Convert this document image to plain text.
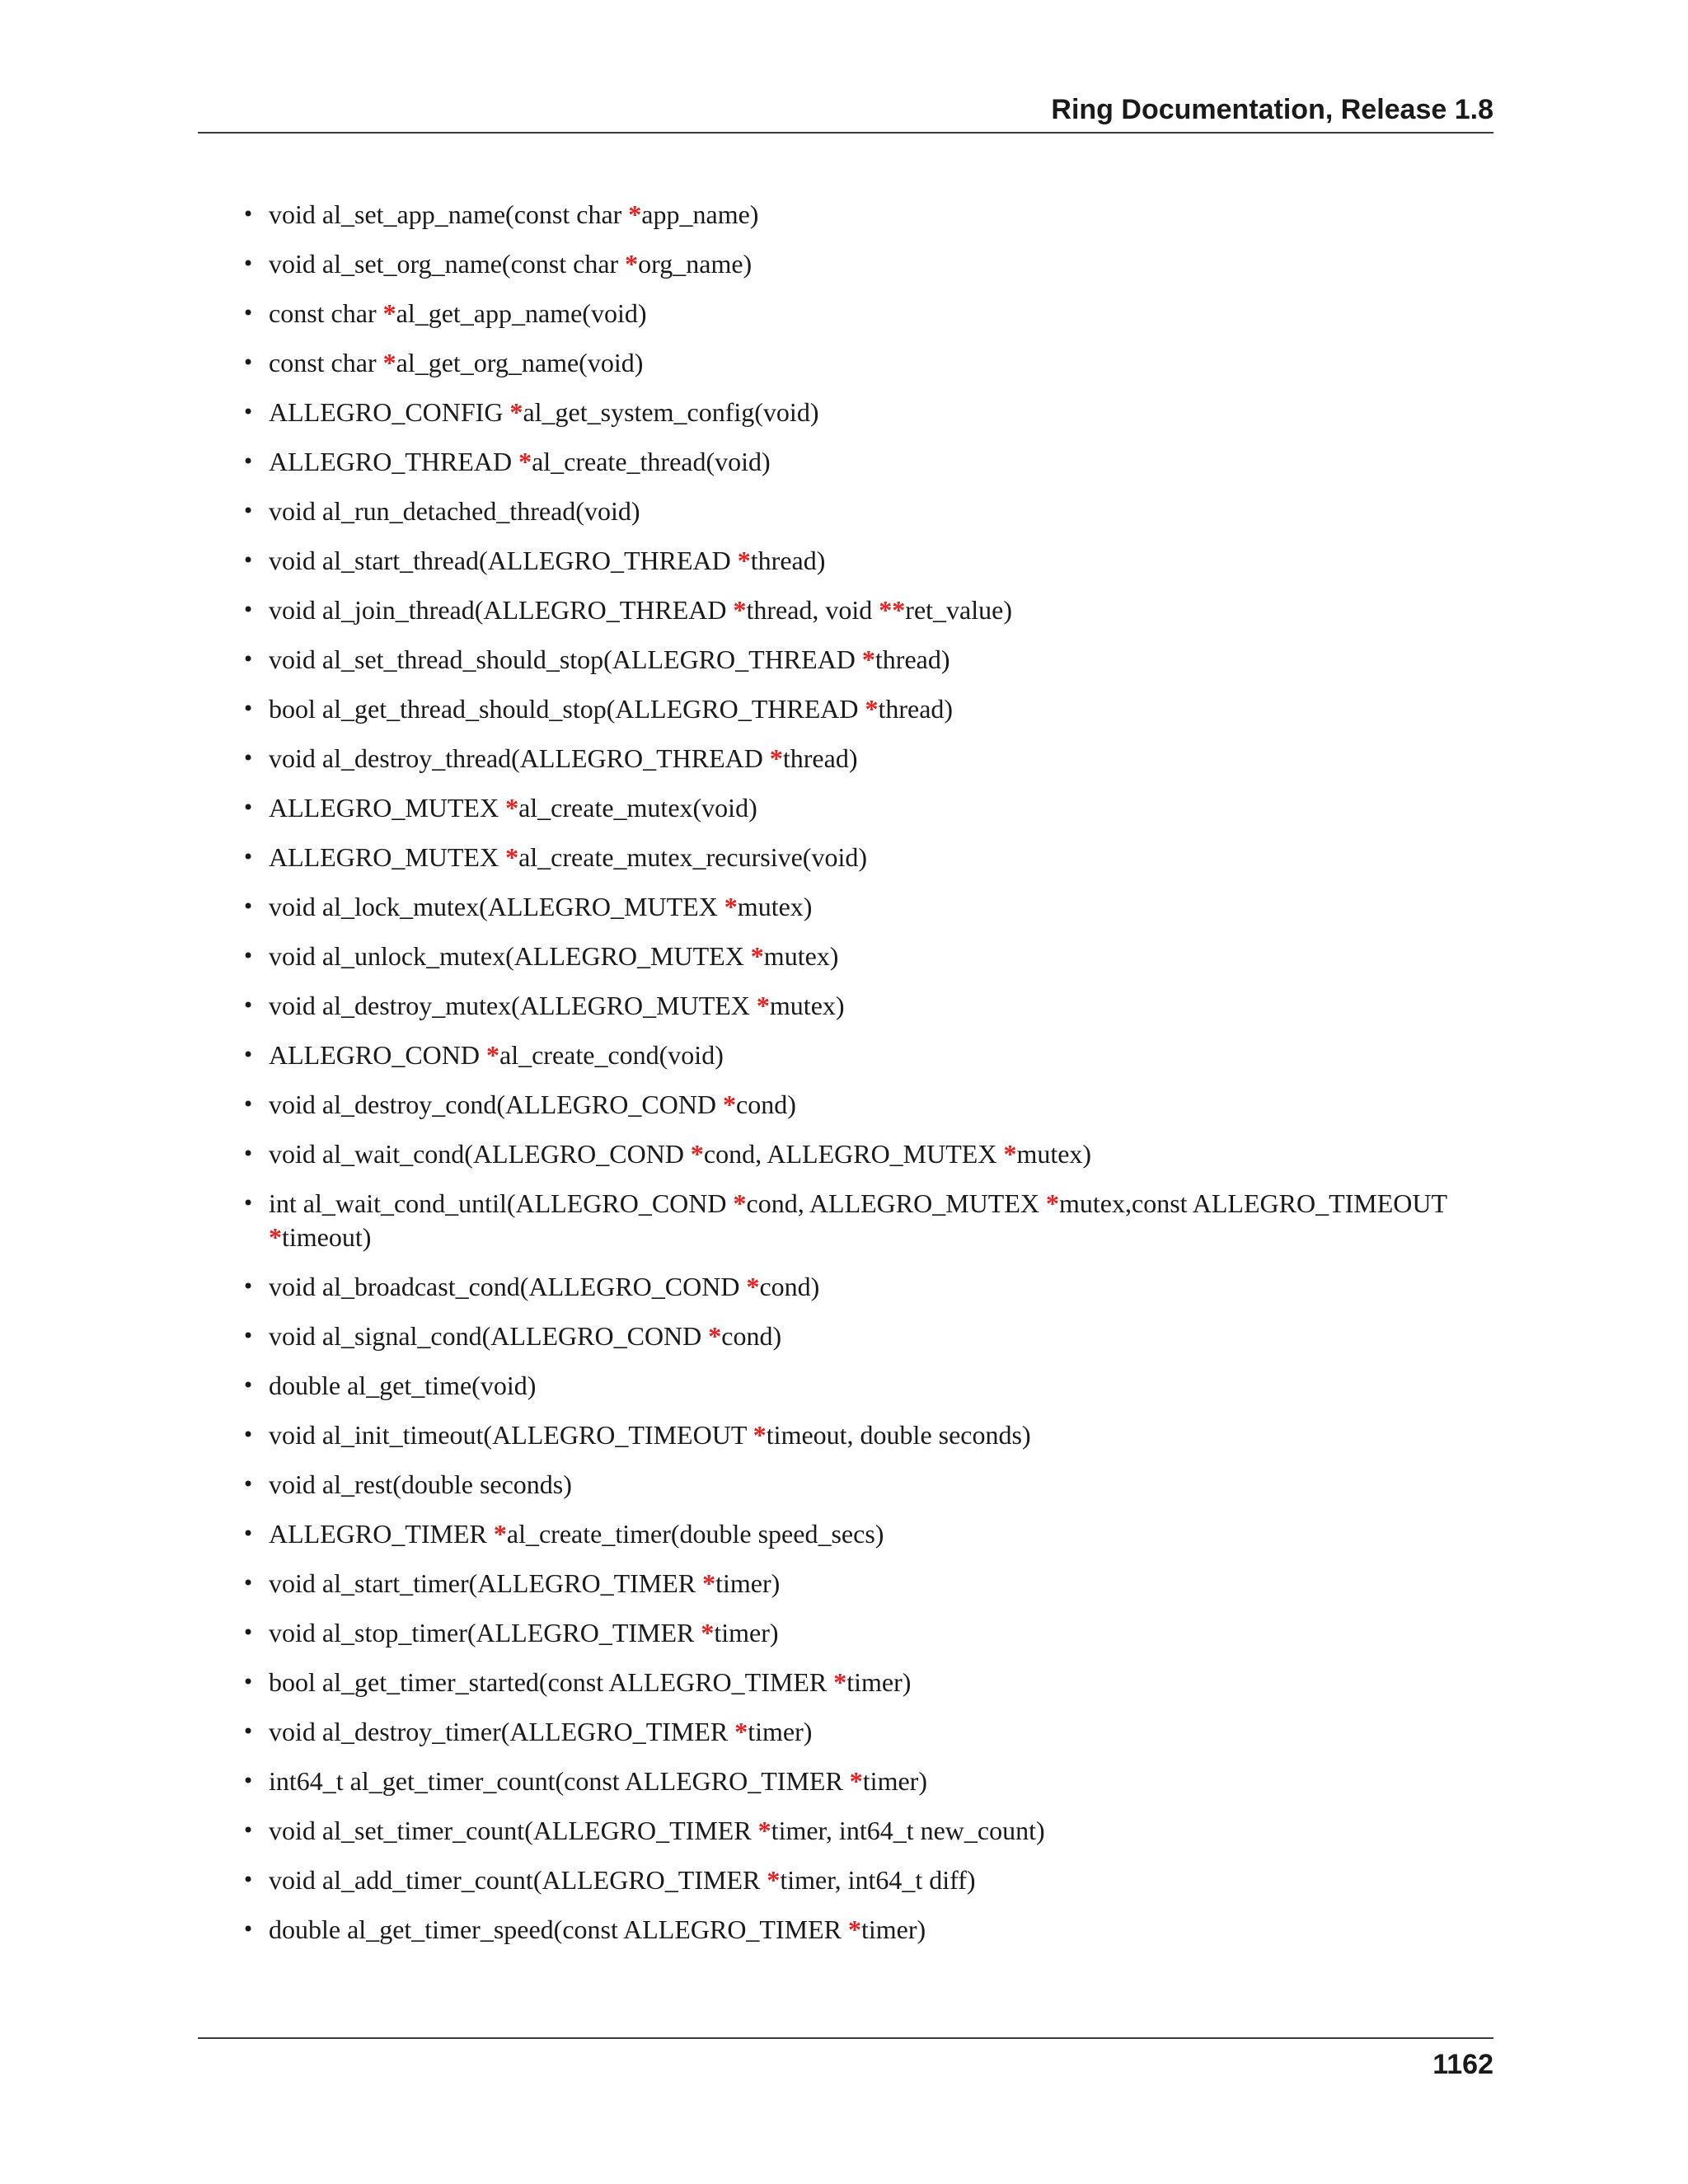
Ring Documentation, Release 1.8
• void al_set_app_name(const char *app_name)
• void al_set_org_name(const char *org_name)
• const char *al_get_app_name(void)
• const char *al_get_org_name(void)
• ALLEGRO_CONFIG *al_get_system_config(void)
• ALLEGRO_THREAD *al_create_thread(void)
• void al_run_detached_thread(void)
• void al_start_thread(ALLEGRO_THREAD *thread)
• void al_join_thread(ALLEGRO_THREAD *thread, void **ret_value)
• void al_set_thread_should_stop(ALLEGRO_THREAD *thread)
• bool al_get_thread_should_stop(ALLEGRO_THREAD *thread)
• void al_destroy_thread(ALLEGRO_THREAD *thread)
• ALLEGRO_MUTEX *al_create_mutex(void)
• ALLEGRO_MUTEX *al_create_mutex_recursive(void)
• void al_lock_mutex(ALLEGRO_MUTEX *mutex)
• void al_unlock_mutex(ALLEGRO_MUTEX *mutex)
• void al_destroy_mutex(ALLEGRO_MUTEX *mutex)
• ALLEGRO_COND *al_create_cond(void)
• void al_destroy_cond(ALLEGRO_COND *cond)
• void al_wait_cond(ALLEGRO_COND *cond, ALLEGRO_MUTEX *mutex)
• int al_wait_cond_until(ALLEGRO_COND *cond, ALLEGRO_MUTEX *mutex,const ALLEGRO_TIMEOUT *timeout)
• void al_broadcast_cond(ALLEGRO_COND *cond)
• void al_signal_cond(ALLEGRO_COND *cond)
• double al_get_time(void)
• void al_init_timeout(ALLEGRO_TIMEOUT *timeout, double seconds)
• void al_rest(double seconds)
• ALLEGRO_TIMER *al_create_timer(double speed_secs)
• void al_start_timer(ALLEGRO_TIMER *timer)
• void al_stop_timer(ALLEGRO_TIMER *timer)
• bool al_get_timer_started(const ALLEGRO_TIMER *timer)
• void al_destroy_timer(ALLEGRO_TIMER *timer)
• int64_t al_get_timer_count(const ALLEGRO_TIMER *timer)
• void al_set_timer_count(ALLEGRO_TIMER *timer, int64_t new_count)
• void al_add_timer_count(ALLEGRO_TIMER *timer, int64_t diff)
• double al_get_timer_speed(const ALLEGRO_TIMER *timer)
1162
